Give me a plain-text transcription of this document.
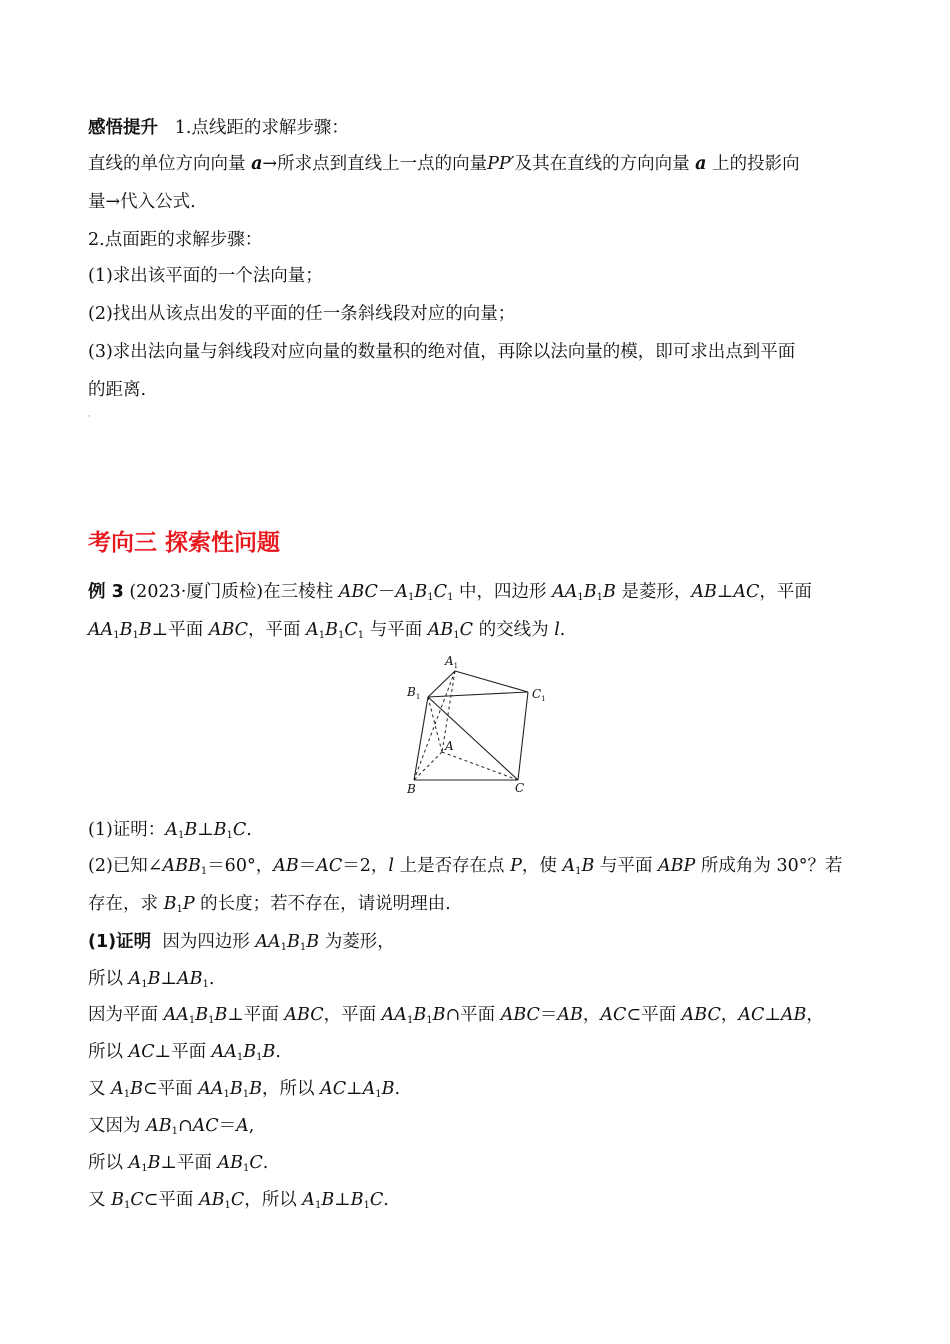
感悟提升 1.点线距的求解步骤：
直线的单位方向向量 a→所求点到直线上一点的向量PP′及其在直线的方向向量 a 上的投影向
量→代入公式.
2.点面距的求解步骤：
(1)求出该平面的一个法向量；
(2)找出从该点出发的平面的任一条斜线段对应的向量；
(3)求出法向量与斜线段对应向量的数量积的绝对值，再除以法向量的模，即可求出点到平面
的距离.
·
考向三 探索性问题
例 3 (2023·厦门质检)在三棱柱 $ABC-A_1B_1C_1$ 中，四边形 $AA_1B_1B$ 是菱形，AB⊥AC，平面
$AA_1B_1B\perp$平面 ABC，平面 $A_1B_1C_1$ 与平面 $AB_1C$ 的交线为 l.
$A_1$
$B_1$	$C_1$
A
B	C
(1)证明：$A_1B\perp B_1C$.
(2)已知$\angle ABB_1=60^\circ$，AB＝AC＝2，l 上是否存在点 P，使 $A_1B$ 与平面 ABP 所成角为 30°？若
存在，求 $B_1P$ 的长度；若不存在，请说明理由.
(1)证明  因为四边形 $AA_1B_1B$ 为菱形，
所以 $A_1B\perp AB_1$.
因为平面 $AA_1B_1B\perp$平面 ABC，平面 $AA_1B_1B\cap$平面 ABC＝AB，AC⊂平面 ABC，AC⊥AB，
所以 AC⊥平面 $AA_1B_1B$.
又 $A_1B\subset$平面 $AA_1B_1B$，所以 $AC\perp A_1B$.
又因为 $AB_1\cap AC=A$,
所以 $A_1B\perp$平面 $AB_1C$.
又 $B_1C\subset$平面 $AB_1C$，所以 $A_1B\perp B_1C$.
